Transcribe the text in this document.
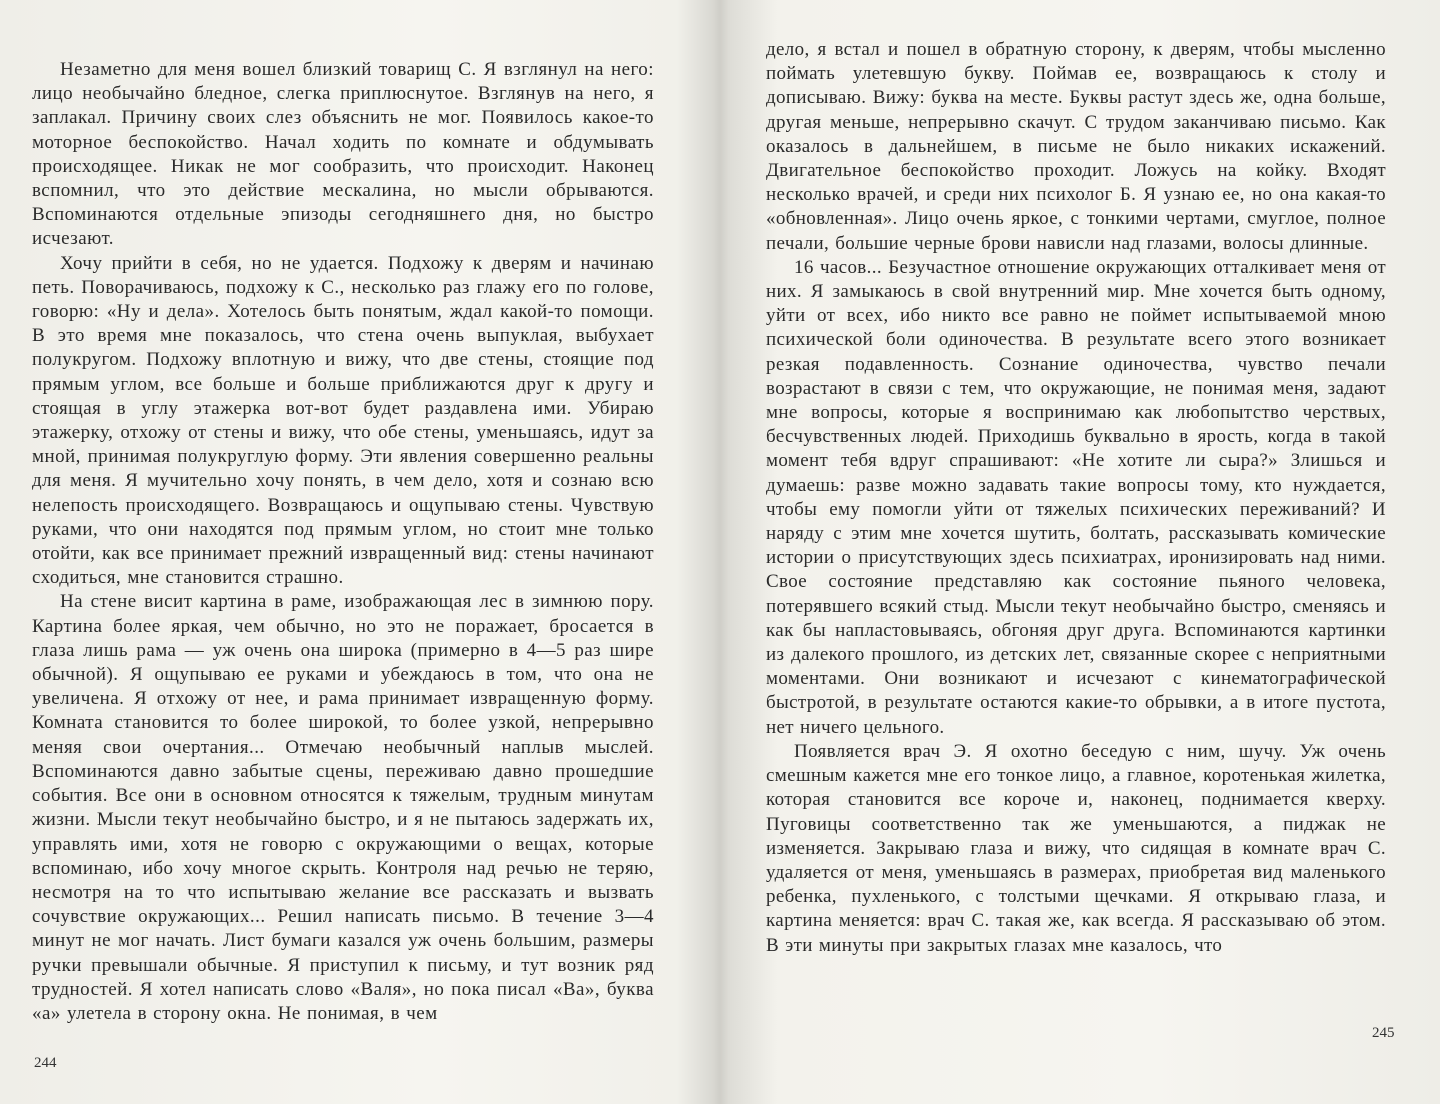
Незаметно для меня вошел близкий товарищ С. Я взглянул на него: лицо необычайно бледное, слегка приплюснутое. Взглянув на него, я заплакал. Причину своих слез объяснить не мог. Появилось какое-то моторное беспокойство. Начал ходить по комнате и обдумывать происходящее. Никак не мог сообразить, что происходит. Наконец вспомнил, что это действие мескалина, но мысли обрываются. Вспоминаются отдельные эпизоды сегодняшнего дня, но быстро исчезают.

Хочу прийти в себя, но не удается. Подхожу к дверям и начинаю петь. Поворачиваюсь, подхожу к С., несколько раз глажу его по голове, говорю: «Ну и дела». Хотелось быть понятым, ждал какой-то помощи. В это время мне показалось, что стена очень выпуклая, выбухает полукругом. Подхожу вплотную и вижу, что две стены, стоящие под прямым углом, все больше и больше приближаются друг к другу и стоящая в углу этажерка вот-вот будет раздавлена ими. Убираю этажерку, отхожу от стены и вижу, что обе стены, уменьшаясь, идут за мной, принимая полукруглую форму. Эти явления совершенно реальны для меня. Я мучительно хочу понять, в чем дело, хотя и сознаю всю нелепость происходящего. Возвращаюсь и ощупываю стены. Чувствую руками, что они находятся под прямым углом, но стоит мне только отойти, как все принимает прежний извращенный вид: стены начинают сходиться, мне становится страшно.

На стене висит картина в раме, изображающая лес в зимнюю пору. Картина более яркая, чем обычно, но это не поражает, бросается в глаза лишь рама — уж очень она широка (примерно в 4—5 раз шире обычной). Я ощупываю ее руками и убеждаюсь в том, что она не увеличена. Я отхожу от нее, и рама принимает извращенную форму. Комната становится то более широкой, то более узкой, непрерывно меняя свои очертания... Отмечаю необычный наплыв мыслей. Вспоминаются давно забытые сцены, переживаю давно прошедшие события. Все они в основном относятся к тяжелым, трудным минутам жизни. Мысли текут необычайно быстро, и я не пытаюсь задержать их, управлять ими, хотя не говорю с окружающими о вещах, которые вспоминаю, ибо хочу многое скрыть. Контроля над речью не теряю, несмотря на то что испытываю желание все рассказать и вызвать сочувствие окружающих... Решил написать письмо. В течение 3—4 минут не мог начать. Лист бумаги казался уж очень большим, размеры ручки превышали обычные. Я приступил к письму, и тут возник ряд трудностей. Я хотел написать слово «Валя», но пока писал «Ва», буква «а» улетела в сторону окна. Не понимая, в чем

244

дело, я встал и пошел в обратную сторону, к дверям, чтобы мысленно поймать улетевшую букву. Поймав ее, возвращаюсь к столу и дописываю. Вижу: буква на месте. Буквы растут здесь же, одна больше, другая меньше, непрерывно скачут. С трудом заканчиваю письмо. Как оказалось в дальнейшем, в письме не было никаких искажений. Двигательное беспокойство проходит. Ложусь на койку. Входят несколько врачей, и среди них психолог Б. Я узнаю ее, но она какая-то «обновленная». Лицо очень яркое, с тонкими чертами, смуглое, полное печали, большие черные брови нависли над глазами, волосы длинные.

16 часов... Безучастное отношение окружающих отталкивает меня от них. Я замыкаюсь в свой внутренний мир. Мне хочется быть одному, уйти от всех, ибо никто все равно не поймет испытываемой мною психической боли одиночества. В результате всего этого возникает резкая подавленность. Сознание одиночества, чувство печали возрастают в связи с тем, что окружающие, не понимая меня, задают мне вопросы, которые я воспринимаю как любопытство черствых, бесчувственных людей. Приходишь буквально в ярость, когда в такой момент тебя вдруг спрашивают: «Не хотите ли сыра?» Злишься и думаешь: разве можно задавать такие вопросы тому, кто нуждается, чтобы ему помогли уйти от тяжелых психических переживаний? И наряду с этим мне хочется шутить, болтать, рассказывать комические истории о присутствующих здесь психиатрах, иронизировать над ними. Свое состояние представляю как состояние пьяного человека, потерявшего всякий стыд. Мысли текут необычайно быстро, сменяясь и как бы напластовываясь, обгоняя друг друга. Вспоминаются картинки из далекого прошлого, из детских лет, связанные скорее с неприятными моментами. Они возникают и исчезают с кинематографической быстротой, в результате остаются какие-то обрывки, а в итоге пустота, нет ничего цельного.

Появляется врач Э. Я охотно беседую с ним, шучу. Уж очень смешным кажется мне его тонкое лицо, а главное, коротенькая жилетка, которая становится все короче и, наконец, поднимается кверху. Пуговицы соответственно так же уменьшаются, а пиджак не изменяется. Закрываю глаза и вижу, что сидящая в комнате врач С. удаляется от меня, уменьшаясь в размерах, приобретая вид маленького ребенка, пухленького, с толстыми щечками. Я открываю глаза, и картина меняется: врач С. такая же, как всегда. Я рассказываю об этом. В эти минуты при закрытых глазах мне казалось, что

245
